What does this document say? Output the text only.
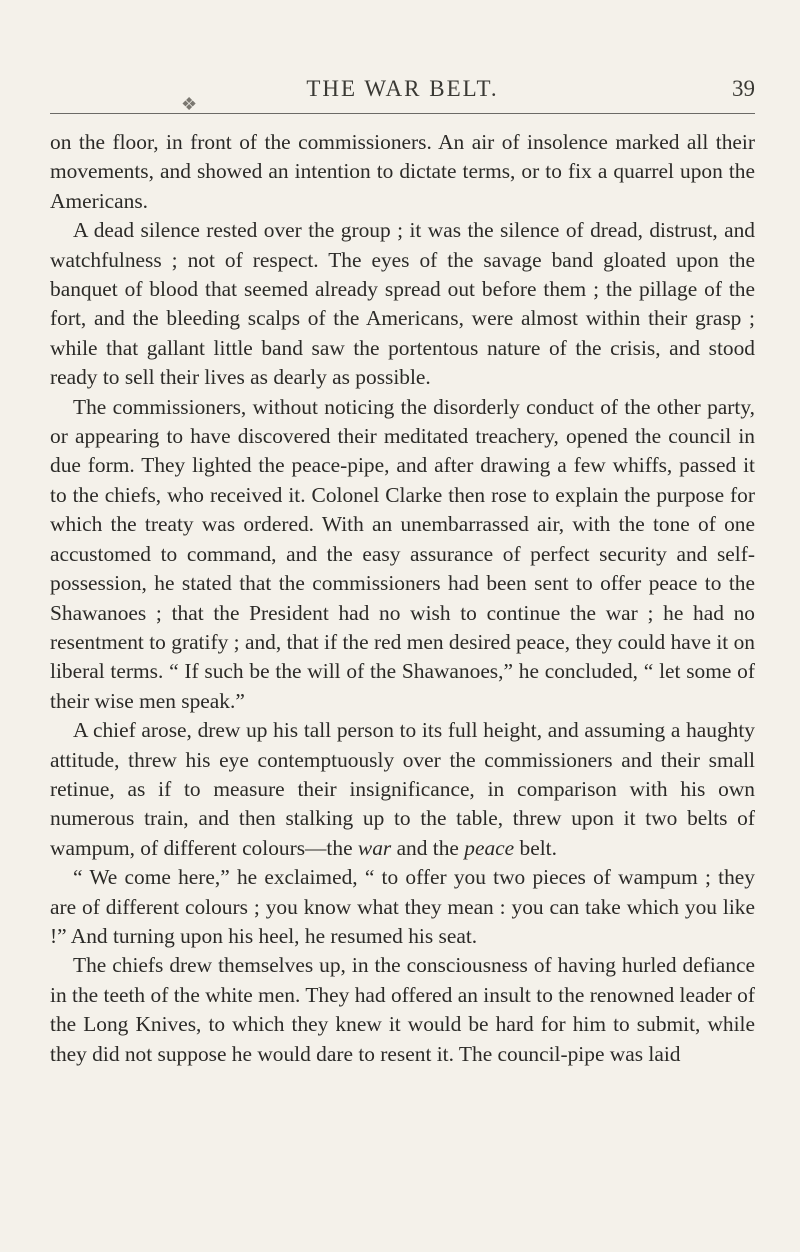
THE WAR BELT.	39
❖

on the floor, in front of the commissioners. An air of insolence marked all their movements, and showed an intention to dictate terms, or to fix a quarrel upon the Americans.

A dead silence rested over the group ; it was the silence of dread, distrust, and watchfulness ; not of respect. The eyes of the savage band gloated upon the banquet of blood that seemed already spread out before them ; the pillage of the fort, and the bleeding scalps of the Americans, were almost within their grasp ; while that gallant little band saw the portentous nature of the crisis, and stood ready to sell their lives as dearly as possible.

The commissioners, without noticing the disorderly conduct of the other party, or appearing to have discovered their meditated treachery, opened the council in due form. They lighted the peace-pipe, and after drawing a few whiffs, passed it to the chiefs, who received it. Colonel Clarke then rose to explain the purpose for which the treaty was ordered. With an unembarrassed air, with the tone of one accustomed to command, and the easy assurance of perfect security and self-possession, he stated that the commissioners had been sent to offer peace to the Shawanoes ; that the President had no wish to continue the war ; he had no resentment to gratify ; and, that if the red men desired peace, they could have it on liberal terms. “ If such be the will of the Shawanoes,” he concluded, “ let some of their wise men speak.”

A chief arose, drew up his tall person to its full height, and assuming a haughty attitude, threw his eye contemptuously over the commissioners and their small retinue, as if to measure their insignificance, in comparison with his own numerous train, and then stalking up to the table, threw upon it two belts of wampum, of different colours—the war and the peace belt.

“ We come here,” he exclaimed, “ to offer you two pieces of wampum ; they are of different colours ; you know what they mean : you can take which you like !” And turning upon his heel, he resumed his seat.

The chiefs drew themselves up, in the consciousness of having hurled defiance in the teeth of the white men. They had offered an insult to the renowned leader of the Long Knives, to which they knew it would be hard for him to submit, while they did not suppose he would dare to resent it. The council-pipe was laid
